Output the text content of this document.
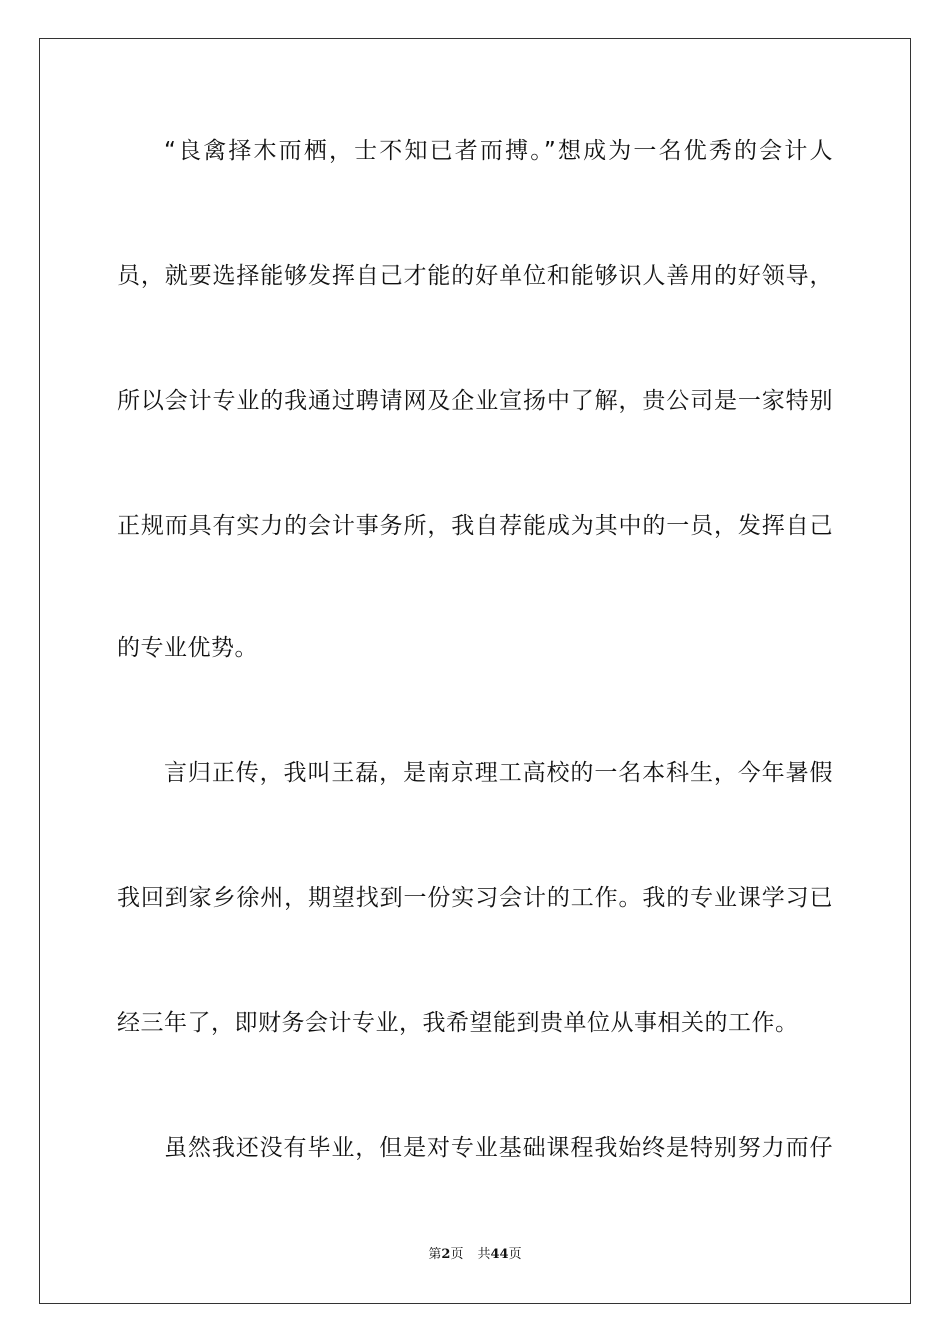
“良禽择木而栖，士不知已者而搏。”想成为一名优秀的会计人
员，就要选择能够发挥自己才能的好单位和能够识人善用的好领导，
所以会计专业的我通过聘请网及企业宣扬中了解，贵公司是一家特别
正规而具有实力的会计事务所，我自荐能成为其中的一员，发挥自己
的专业优势。
言归正传，我叫王磊，是南京理工高校的一名本科生，今年暑假
我回到家乡徐州，期望找到一份实习会计的工作。我的专业课学习已
经三年了，即财务会计专业，我希望能到贵单位从事相关的工作。
虽然我还没有毕业，但是对专业基础课程我始终是特别努力而仔
第2页 共44页
